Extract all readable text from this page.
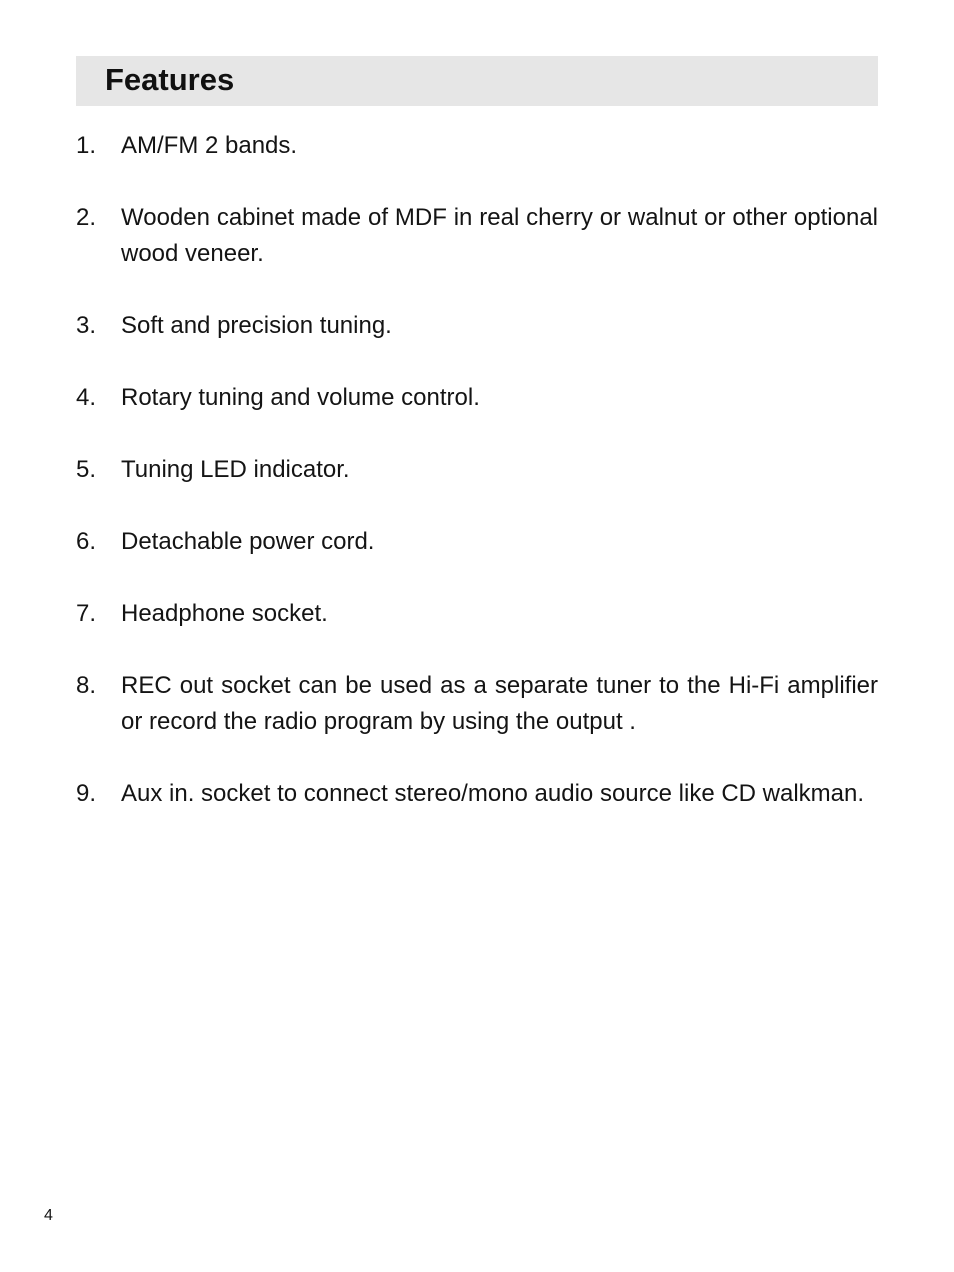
Features
1. AM/FM 2 bands.
2. Wooden cabinet made of MDF in real cherry or walnut or other optional wood veneer.
3. Soft and precision tuning.
4. Rotary tuning and volume control.
5. Tuning LED indicator.
6. Detachable power cord.
7. Headphone socket.
8. REC out socket can be used as a separate tuner to the Hi-Fi amplifier or record the radio program by using the output .
9. Aux in. socket to connect stereo/mono audio source like CD walkman.
4
